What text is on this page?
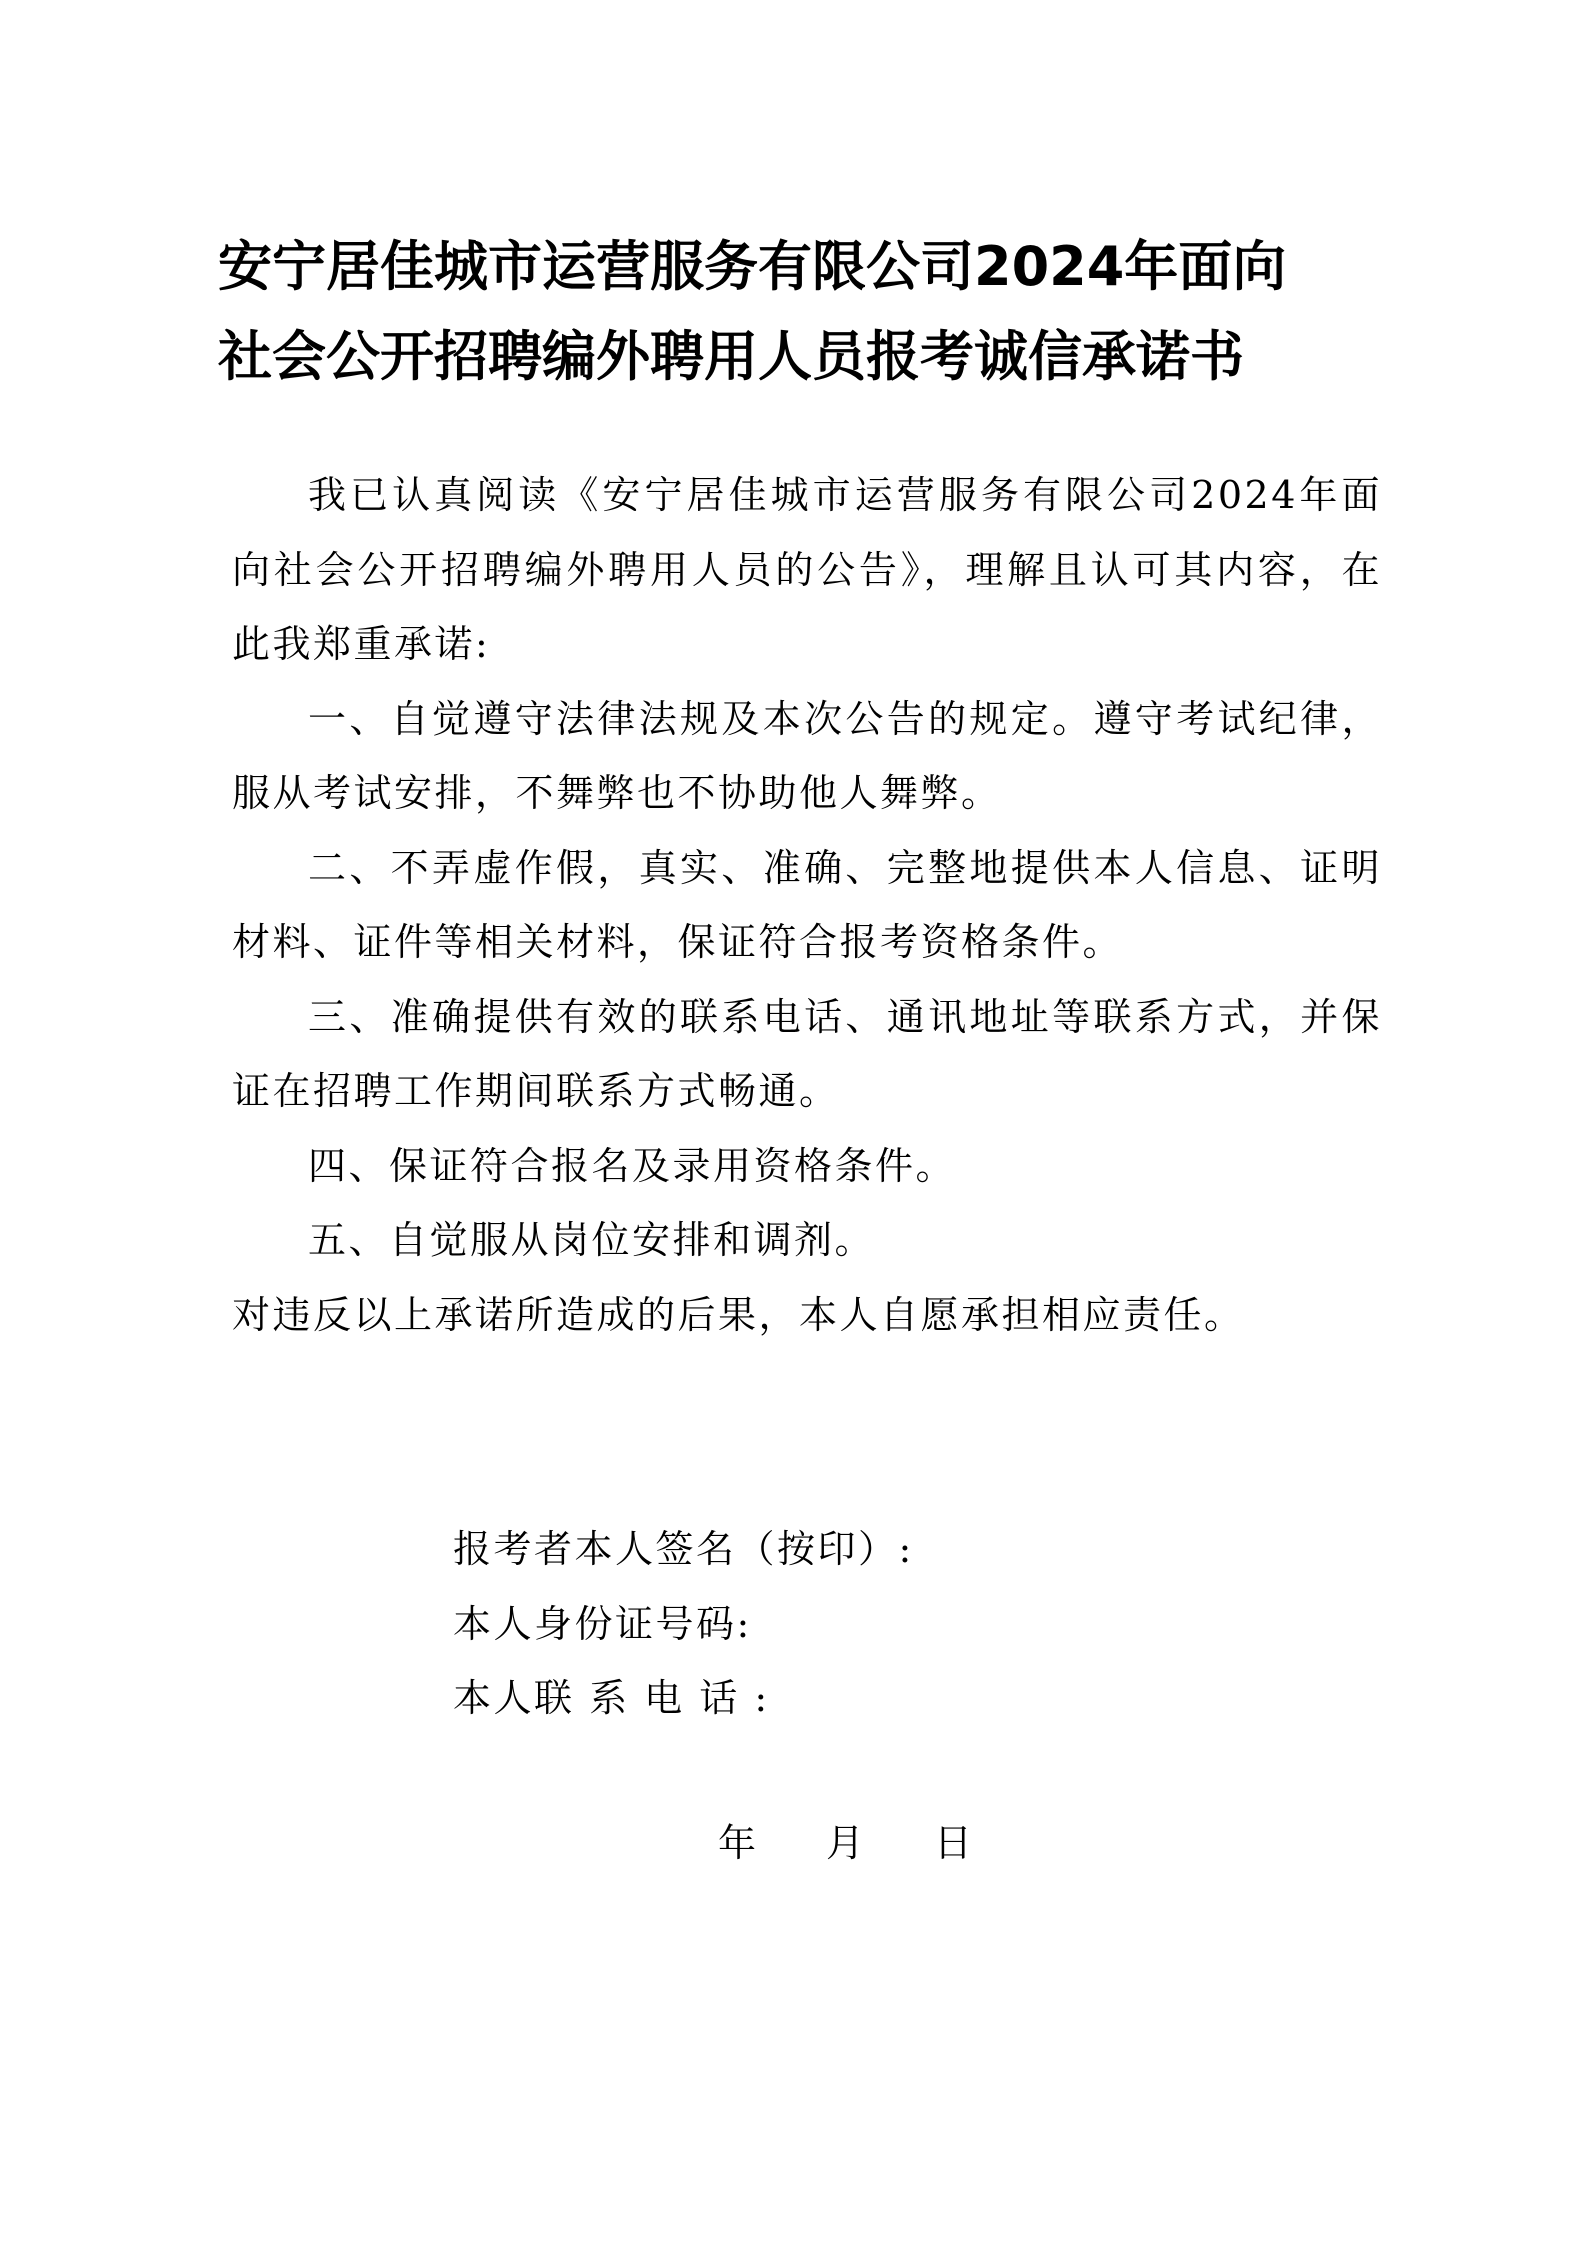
安宁居佳城市运营服务有限公司2024年面向
社会公开招聘编外聘用人员报考诚信承诺书

我已认真阅读《安宁居佳城市运营服务有限公司2024年面向社会公开招聘编外聘用人员的公告》，理解且认可其内容，在此我郑重承诺:

一、自觉遵守法律法规及本次公告的规定。遵守考试纪律，服从考试安排，不舞弊也不协助他人舞弊。

二、不弄虚作假，真实、准确、完整地提供本人信息、证明材料、证件等相关材料，保证符合报考资格条件。

三、准确提供有效的联系电话、通讯地址等联系方式，并保证在招聘工作期间联系方式畅通。

四、保证符合报名及录用资格条件。

五、自觉服从岗位安排和调剂。

对违反以上承诺所造成的后果，本人自愿承担相应责任。

报考者本人签名（按印）:
本人身份证号码:
本人联 系 电 话 :
年 月 日
